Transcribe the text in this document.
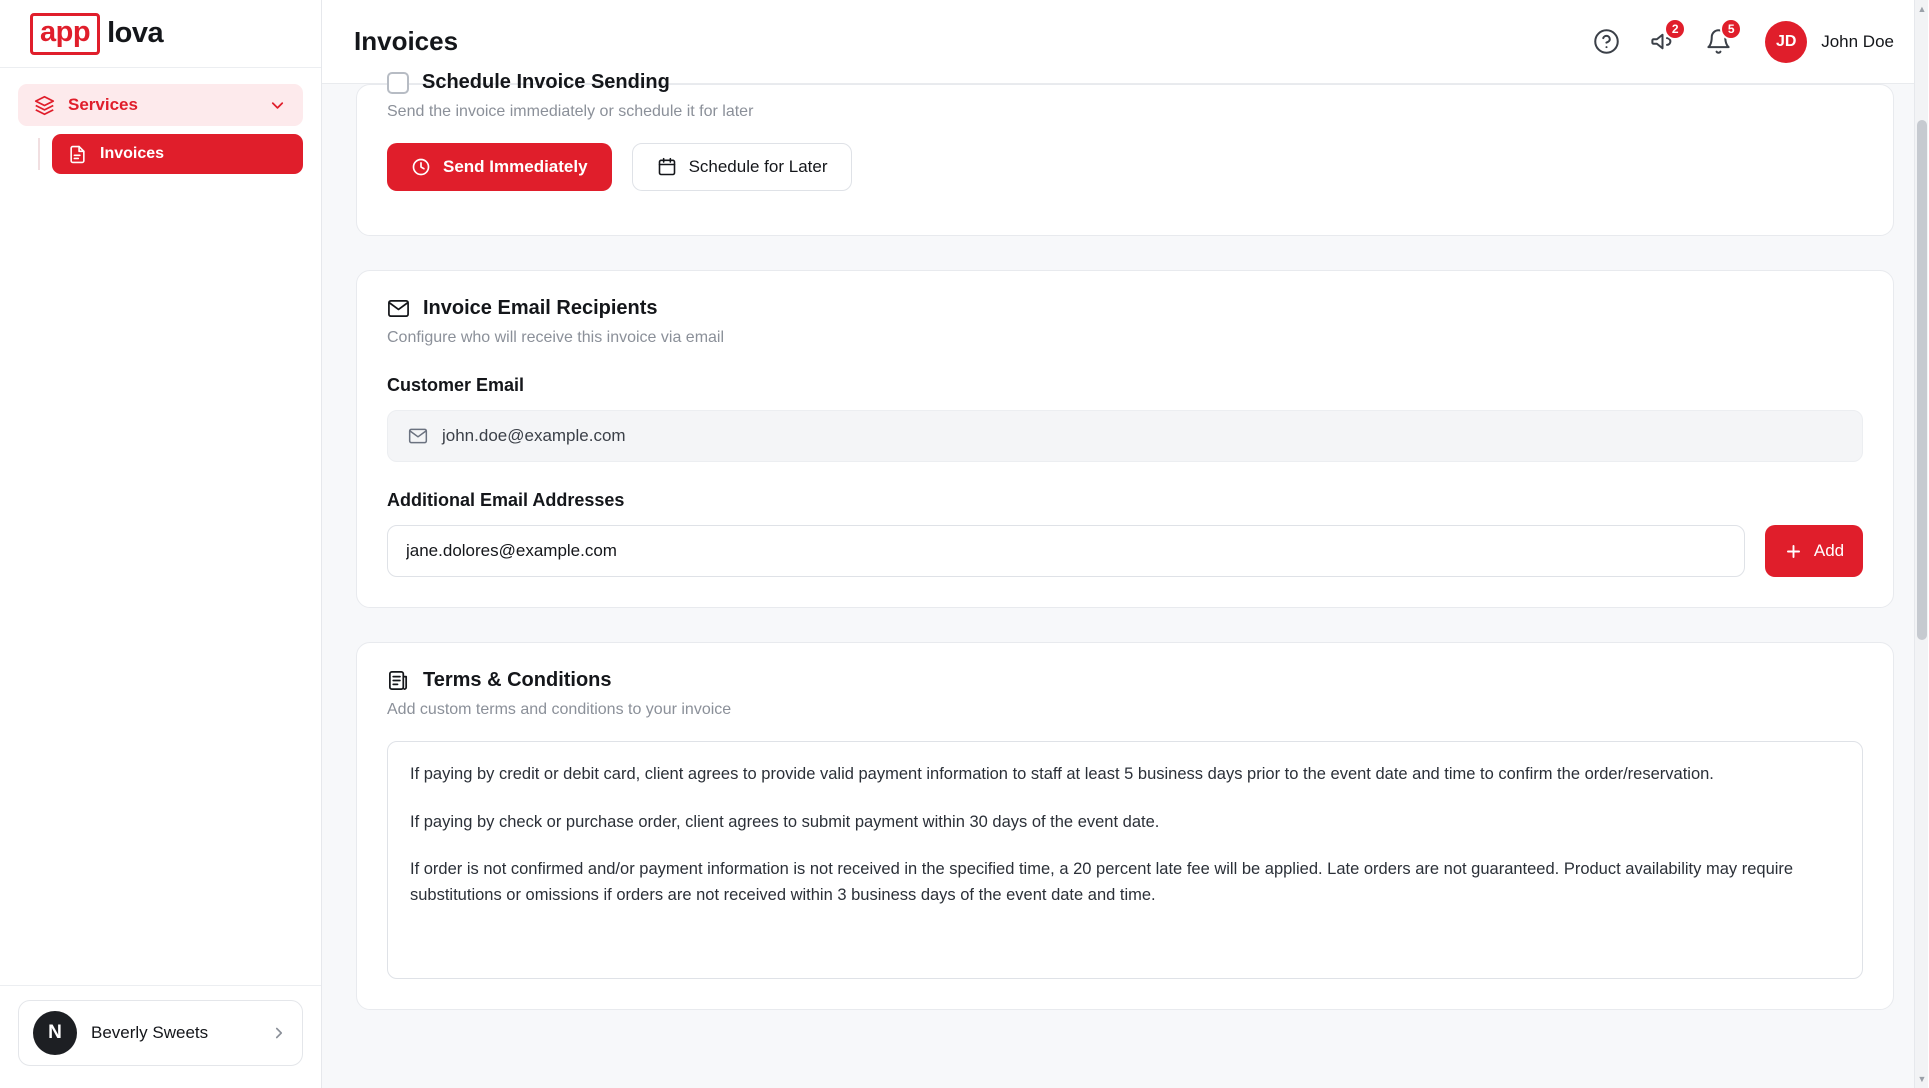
app lova
Services
Invoices
N	Beverly Sweets
Invoices	2	5
JD	John Doe
Schedule Invoice Sending
Send the invoice immediately or schedule it for later
Send Immediately	Schedule for Later
Invoice Email Recipients
Configure who will receive this invoice via email
Customer Email
john.doe@example.com
Additional Email Addresses
jane.dolores@example.com
Add
Terms & Conditions
Add custom terms and conditions to your invoice

If paying by credit or debit card, client agrees to provide valid payment information to staff at least 5 business days prior to the event date and time to confirm the order/reservation.

If paying by check or purchase order, client agrees to submit payment within 30 days of the event date.

If order is not confirmed and/or payment information is not received in the specified time, a 20 percent late fee will be applied. Late orders are not guaranteed. Product availability may require substitutions or omissions if orders are not received within 3 business days of the event date and time.

▲
▼
